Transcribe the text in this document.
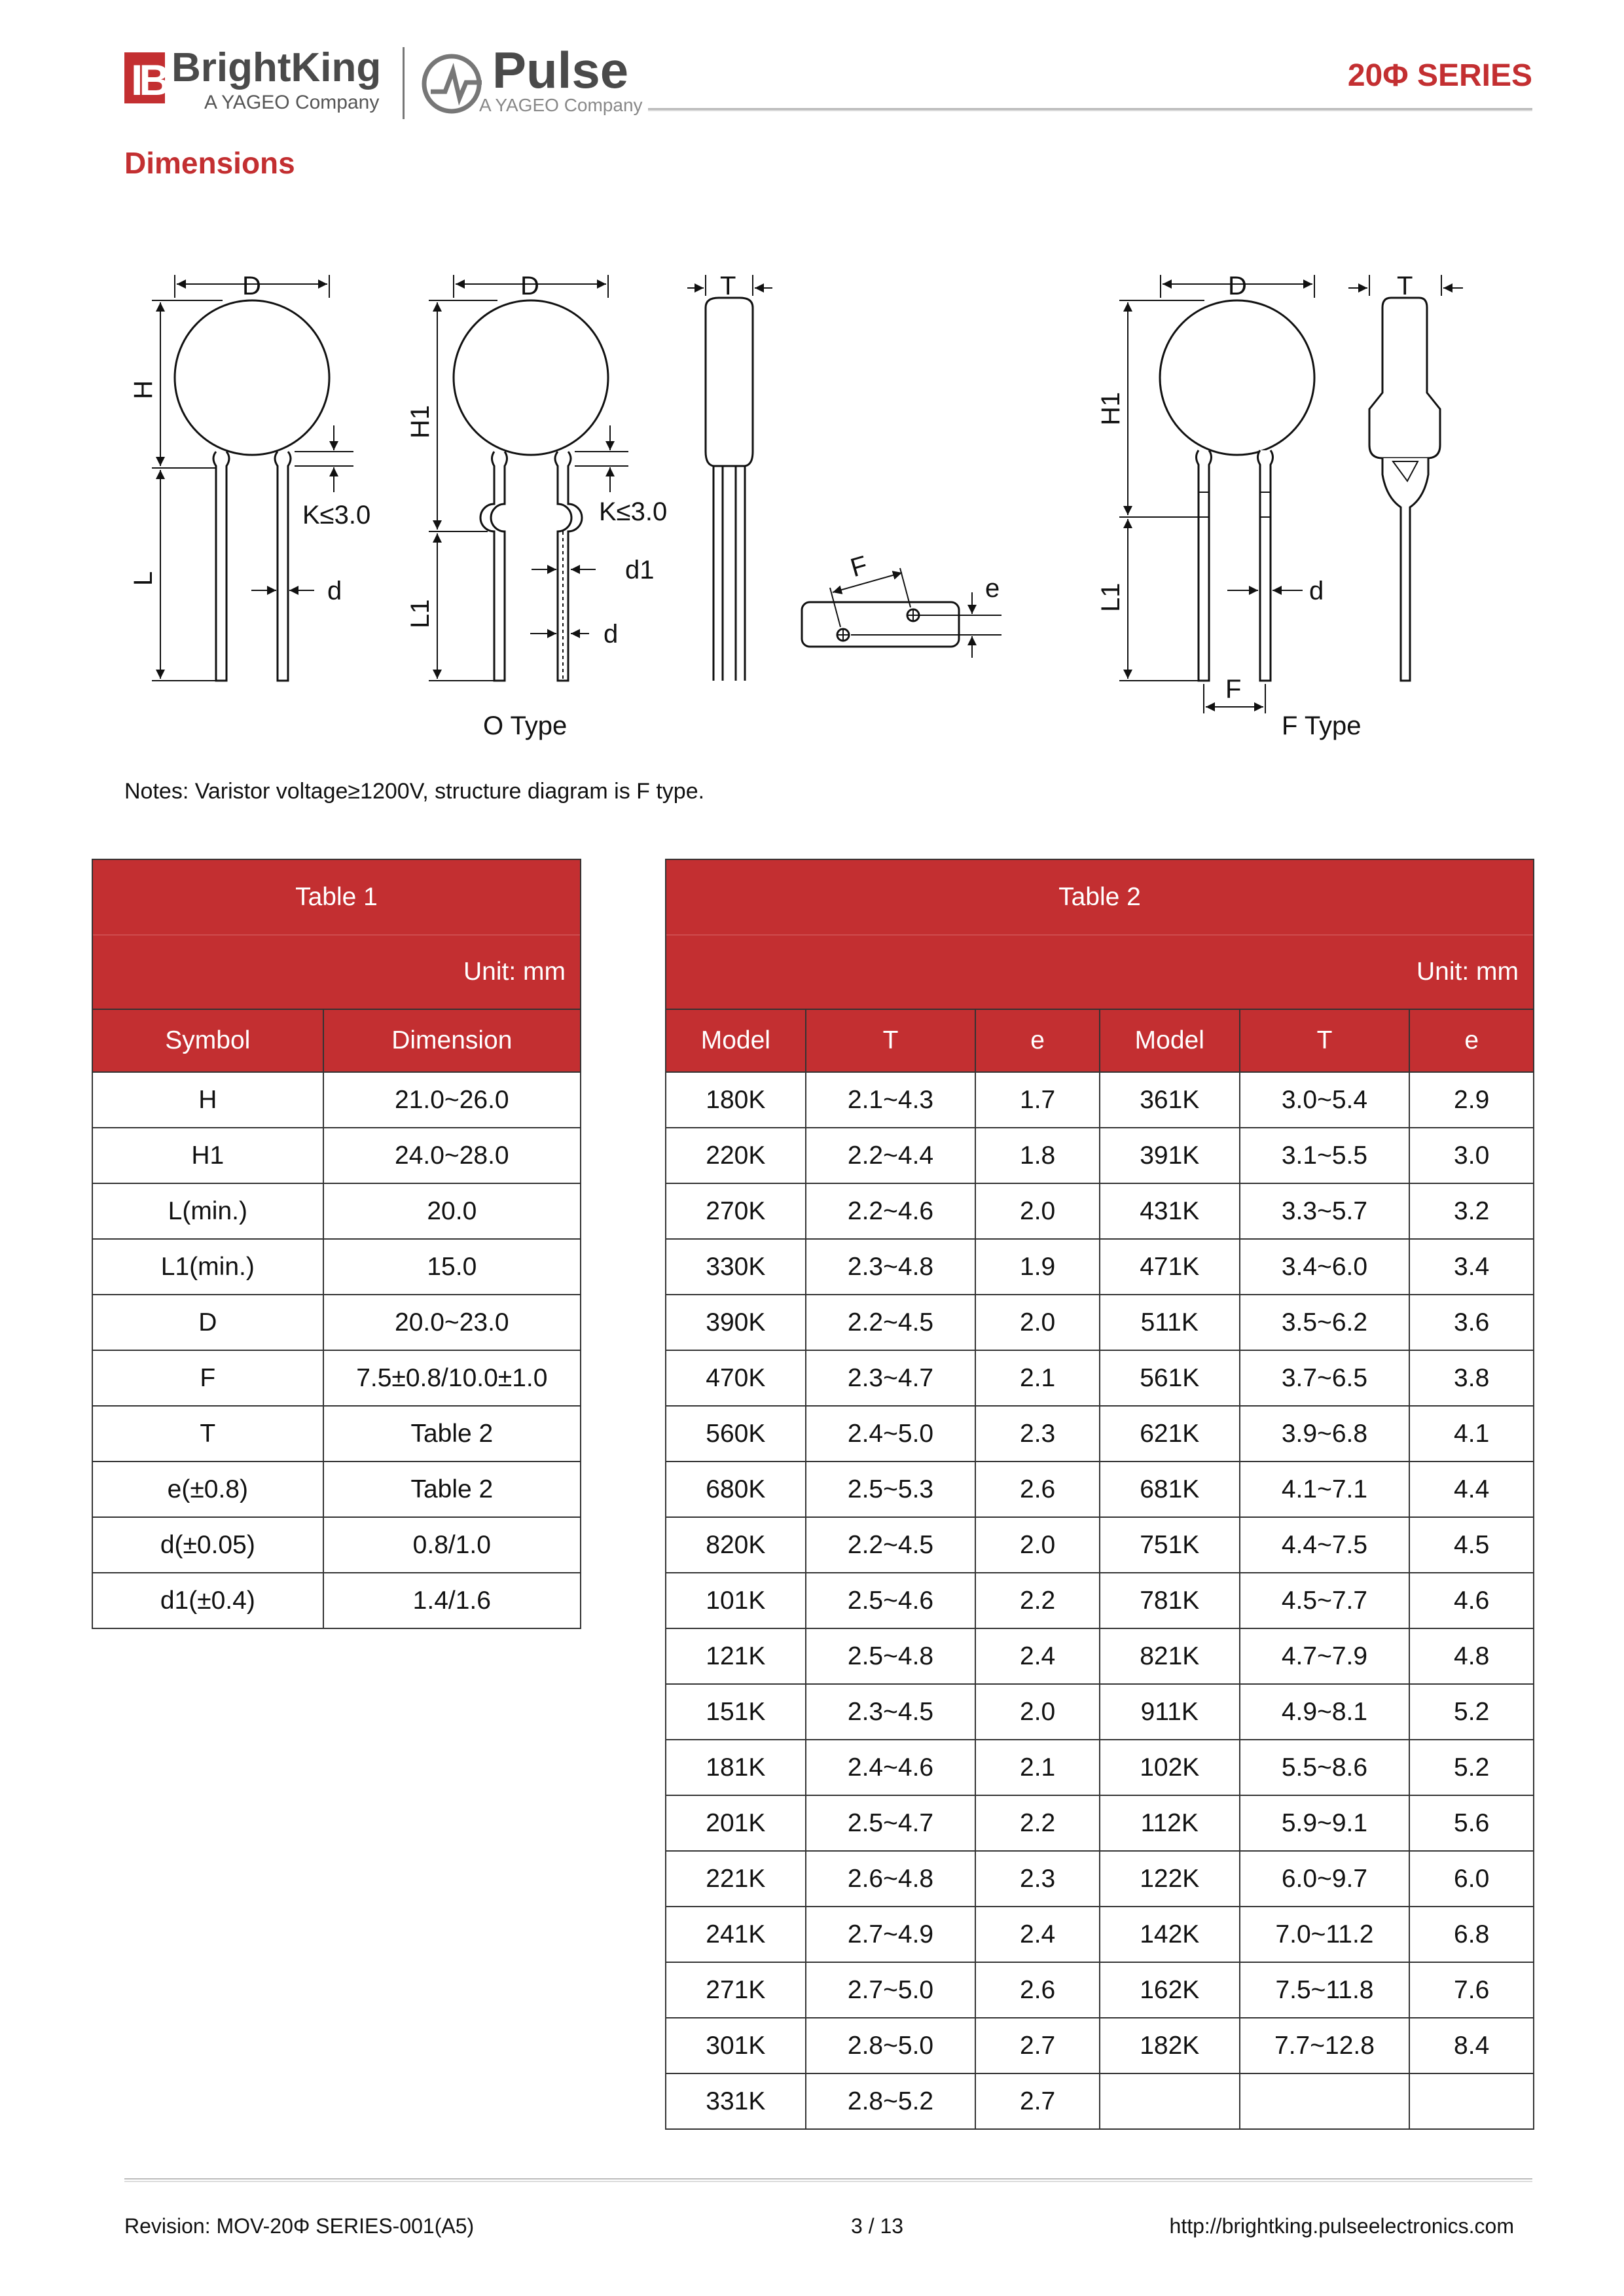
IB BrightKing
A YAGEO Company
Pulse
A YAGEO Company
20Φ SERIES
Dimensions
D
H
L
K≤3.0
d
D
H1
L1
K≤3.0
d1
d
O Type
T
F
e
D
H1
L1	d
F
T
F Type
Notes: Varistor voltage≥1200V, structure diagram is F type.
Table 1	
Unit: mm	
Symbol	Dimension
H	21.0~26.0
H1	24.0~28.0
L(min.)	20.0
L1(min.)	15.0
D	20.0~23.0
F	7.5±0.8/10.0±1.0
T	Table 2
e(±0.8)	Table 2
d(±0.05)	0.8/1.0
d1(±0.4)	1.4/1.6
Table 2					
Unit: mm					
Model	T	e	Model	T	e
180K	2.1~4.3	1.7	361K	3.0~5.4	2.9
220K	2.2~4.4	1.8	391K	3.1~5.5	3.0
270K	2.2~4.6	2.0	431K	3.3~5.7	3.2
330K	2.3~4.8	1.9	471K	3.4~6.0	3.4
390K	2.2~4.5	2.0	511K	3.5~6.2	3.6
470K	2.3~4.7	2.1	561K	3.7~6.5	3.8
560K	2.4~5.0	2.3	621K	3.9~6.8	4.1
680K	2.5~5.3	2.6	681K	4.1~7.1	4.4
820K	2.2~4.5	2.0	751K	4.4~7.5	4.5
101K	2.5~4.6	2.2	781K	4.5~7.7	4.6
121K	2.5~4.8	2.4	821K	4.7~7.9	4.8
151K	2.3~4.5	2.0	911K	4.9~8.1	5.2
181K	2.4~4.6	2.1	102K	5.5~8.6	5.2
201K	2.5~4.7	2.2	112K	5.9~9.1	5.6
221K	2.6~4.8	2.3	122K	6.0~9.7	6.0
241K	2.7~4.9	2.4	142K	7.0~11.2	6.8
271K	2.7~5.0	2.6	162K	7.5~11.8	7.6
301K	2.8~5.0	2.7	182K	7.7~12.8	8.4
331K	2.8~5.2	2.7			
Revision: MOV-20Φ SERIES-001(A5)	3 / 13	http://brightking.pulseelectronics.com
